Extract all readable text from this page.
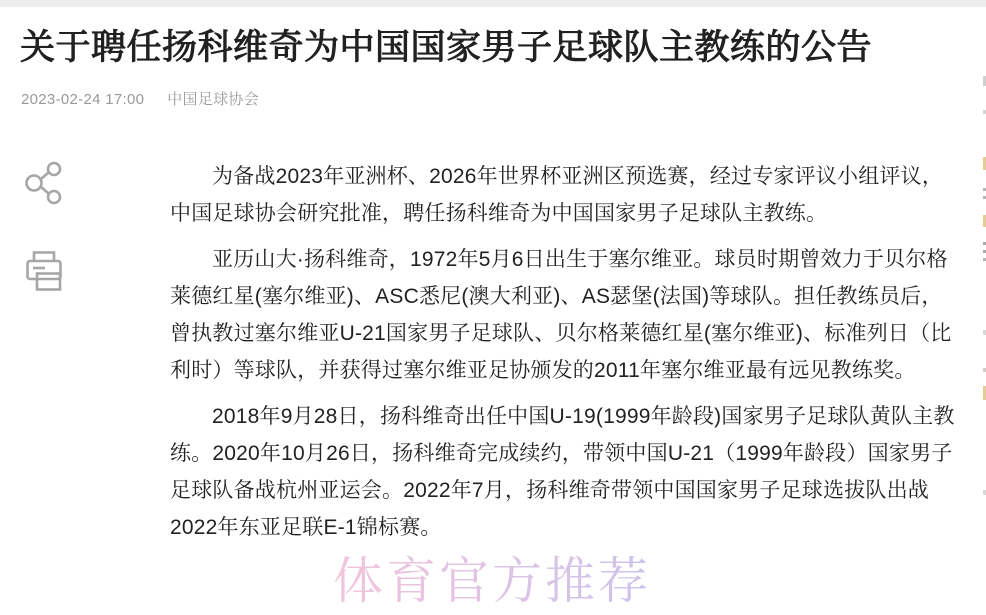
关于聘任扬科维奇为中国国家男子足球队主教练的公告
2023-02-24 17:00 中国足球协会

为备战2023年亚洲杯、2026年世界杯亚洲区预选赛，经过专家评议小组评议，中国足球协会研究批准，聘任扬科维奇为中国国家男子足球队主教练。

亚历山大·扬科维奇，1972年5月6日出生于塞尔维亚。球员时期曾效力于贝尔格莱德红星(塞尔维亚)、ASC悉尼(澳大利亚)、AS瑟堡(法国)等球队。担任教练员后，曾执教过塞尔维亚U-21国家男子足球队、贝尔格莱德红星(塞尔维亚)、标准列日（比利时）等球队，并获得过塞尔维亚足协颁发的2011年塞尔维亚最有远见教练奖。

2018年9月28日，扬科维奇出任中国U-19(1999年龄段)国家男子足球队黄队主教练。2020年10月26日，扬科维奇完成续约，带领中国U-21（1999年龄段）国家男子足球队备战杭州亚运会。2022年7月，扬科维奇带领中国国家男子足球选拔队出战2022年东亚足联E-1锦标赛。

体育官方推荐
